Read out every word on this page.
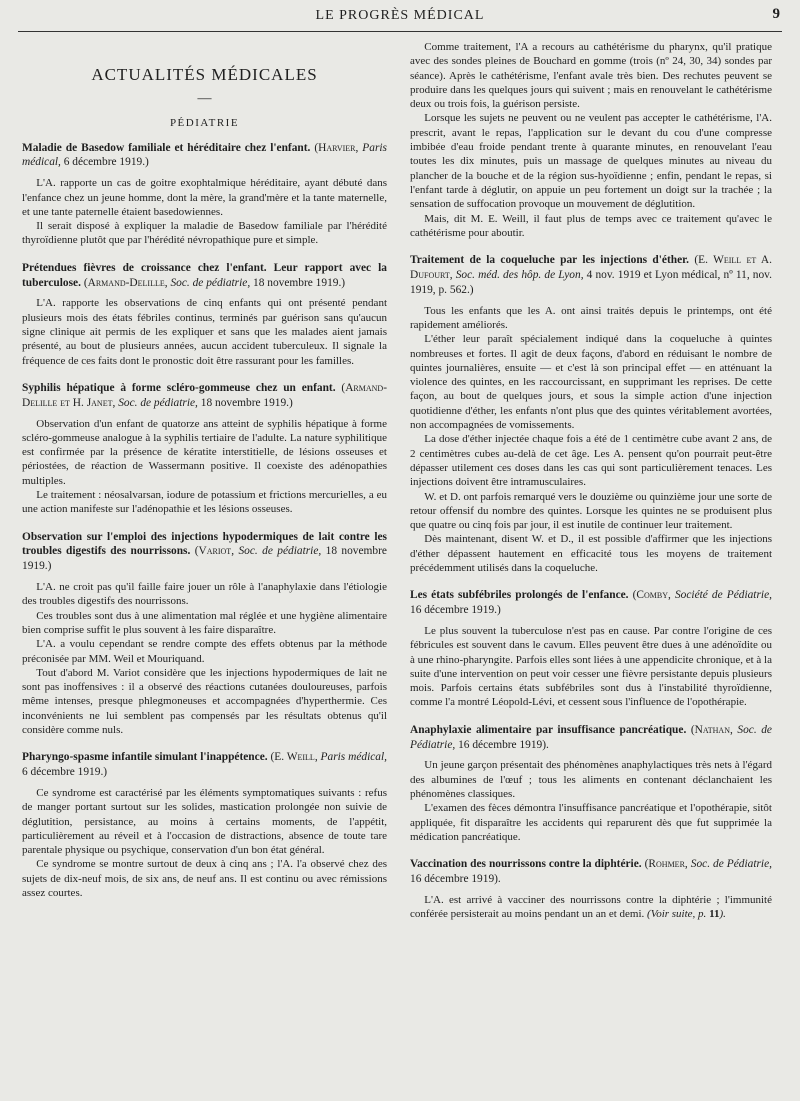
LE PROGRÈS MÉDICAL	9
ACTUALITÉS MÉDICALES
—
PÉDIATRIE
Maladie de Basedow familiale et héréditaire chez l'enfant. (Harvier, Paris médical, 6 décembre 1919.)

L'A. rapporte un cas de goitre exophtalmique héréditaire, ayant débuté dans l'enfance chez un jeune homme, dont la mère, la grand'mère et la tante maternelle, et une tante paternelle étaient basedowiennes.

Il serait disposé à expliquer la maladie de Basedow familiale par l'hérédité thyroïdienne plutôt que par l'hérédité névropathique pure et simple.

Prétendues fièvres de croissance chez l'enfant. Leur rapport avec la tuberculose. (Armand-Delille, Soc. de pédiatrie, 18 novembre 1919.)

L'A. rapporte les observations de cinq enfants qui ont présenté pendant plusieurs mois des états fébriles continus, terminés par guérison sans qu'aucun signe clinique ait permis de les expliquer et sans que les malades aient jamais présenté, au bout de plusieurs années, aucun accident tuberculeux. Il signale la fréquence de ces faits dont le pronostic doit être rassurant pour les familles.

Syphilis hépatique à forme scléro-gommeuse chez un enfant. (Armand-Delille et H. Janet, Soc. de pédiatrie, 18 novembre 1919.)

Observation d'un enfant de quatorze ans atteint de syphilis hépatique à forme scléro-gommeuse analogue à la syphilis tertiaire de l'adulte. La nature syphilitique est confirmée par la présence de kératite interstitielle, de lésions osseuses et périostées, de réaction de Wassermann positive. Il coexiste des adénopathies multiples.

Le traitement : néosalvarsan, iodure de potassium et frictions mercurielles, a eu une action manifeste sur l'adénopathie et les lésions osseuses.

Observation sur l'emploi des injections hypodermiques de lait contre les troubles digestifs des nourrissons. (Variot, Soc. de pédiatrie, 18 novembre 1919.)

L'A. ne croit pas qu'il faille faire jouer un rôle à l'anaphylaxie dans l'étiologie des troubles digestifs des nourrissons.

Ces troubles sont dus à une alimentation mal réglée et une hygiène alimentaire bien comprise suffit le plus souvent à les faire disparaître.

L'A. a voulu cependant se rendre compte des effets obtenus par la méthode préconisée par MM. Weil et Mouriquand.

Tout d'abord M. Variot considère que les injections hypodermiques de lait ne sont pas inoffensives : il a observé des réactions cutanées douloureuses, parfois même intenses, presque phlegmoneuses et accompagnées d'hyperthermie. Ces inconvénients ne lui semblent pas compensés par les résultats obtenus qu'il considère comme nuls.

Pharyngo-spasme infantile simulant l'inappétence. (E. Weill, Paris médical, 6 décembre 1919.)

Ce syndrome est caractérisé par les éléments symptomatiques suivants : refus de manger portant surtout sur les solides, mastication prolongée non suivie de déglutition, persistance, au moins à certains moments, de l'appétit, particulièrement au réveil et à l'occasion de distractions, absence de toute tare parentale physique ou psychique, conservation d'un bon état général.

Ce syndrome se montre surtout de deux à cinq ans ; l'A. l'a observé chez des sujets de dix-neuf mois, de six ans, de neuf ans. Il est continu ou avec rémissions assez courtes.

Comme traitement, l'A a recours au cathétérisme du pharynx, qu'il pratique avec des sondes pleines de Bouchard en gomme (trois (nº 24, 30, 34) sondes par séance). Après le cathétérisme, l'enfant avale très bien. Des rechutes peuvent se produire dans les quelques jours qui suivent ; mais en renouvelant le cathétérisme deux ou trois fois, la guérison persiste.

Lorsque les sujets ne peuvent ou ne veulent pas accepter le cathétérisme, l'A. prescrit, avant le repas, l'application sur le devant du cou d'une compresse imbibée d'eau froide pendant trente à quarante minutes, en renouvelant l'eau toutes les dix minutes, puis un massage de quelques minutes au niveau du plancher de la bouche et de la région sus-hyoïdienne ; enfin, pendant le repas, si l'enfant tarde à déglutir, on appuie un peu fortement un doigt sur la trachée ; la sensation de suffocation provoque un mouvement de déglutition.

Mais, dit M. E. Weill, il faut plus de temps avec ce traitement qu'avec le cathétérisme pour aboutir.

Traitement de la coqueluche par les injections d'éther. (E. Weill et A. Dufourt, Soc. méd. des hôp. de Lyon, 4 nov. 1919 et Lyon médical, nº 11, nov. 1919, p. 562.)

Tous les enfants que les A. ont ainsi traités depuis le printemps, ont été rapidement améliorés.

L'éther leur paraît spécialement indiqué dans la coqueluche à quintes nombreuses et fortes. Il agit de deux façons, d'abord en réduisant le nombre de quintes journalières, ensuite — et c'est là son principal effet — en atténuant la violence des quintes, en les raccourcissant, en supprimant les reprises. De cette façon, au bout de quelques jours, et sous la simple action d'une injection quotidienne d'éther, les enfants n'ont plus que des quintes véritablement avortées, non accompagnées de vomissements.

La dose d'éther injectée chaque fois a été de 1 centimètre cube avant 2 ans, de 2 centimètres cubes au-delà de cet âge. Les A. pensent qu'on pourrait peut-être dépasser utilement ces doses dans les cas qui sont particulièrement tenaces. Les injections doivent être intramusculaires.

W. et D. ont parfois remarqué vers le douzième ou quinzième jour une sorte de retour offensif du nombre des quintes. Lorsque les quintes ne se produisent plus que quatre ou cinq fois par jour, il est inutile de continuer leur traitement.

Dès maintenant, disent W. et D., il est possible d'affirmer que les injections d'éther dépassent hautement en efficacité tous les moyens de traitement précédemment utilisés dans la coqueluche.

Les états subfébriles prolongés de l'enfance. (Comby, Société de Pédiatrie, 16 décembre 1919.)

Le plus souvent la tuberculose n'est pas en cause. Par contre l'origine de ces fébricules est souvent dans le cavum. Elles peuvent être dues à une adénoïdite ou à une rhino-pharyngite. Parfois elles sont liées à une appendicite chronique, et à la suite d'une intervention on peut voir cesser une fièvre persistante depuis plusieurs mois. Parfois certains états subfébriles sont dus à l'instabilité thyroïdienne, comme l'a montré Léopold-Lévi, et cessent sous l'influence de l'opothérapie.

Anaphylaxie alimentaire par insuffisance pancréatique. (Nathan, Soc. de Pédiatrie, 16 décembre 1919).

Un jeune garçon présentait des phénomènes anaphylactiques très nets à l'égard des albumines de l'œuf ; tous les aliments en contenant déclanchaient les phénomènes classiques.

L'examen des fèces démontra l'insuffisance pancréatique et l'opothérapie, sitôt appliquée, fit disparaître les accidents qui reparurent dès que fut supprimée la médication pancréatique.

Vaccination des nourrissons contre la diphtérie. (Rohmer, Soc. de Pédiatrie, 16 décembre 1919).

L'A. est arrivé à vacciner des nourrissons contre la diphtérie ; l'immunité conférée persisterait au moins pendant un an et demi. (Voir suite, p. 11).
